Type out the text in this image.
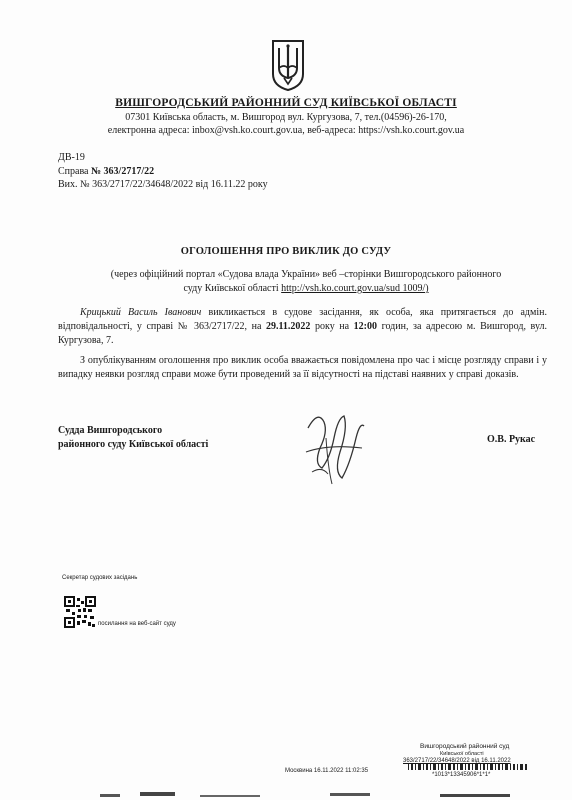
ВИШГОРОДСЬКИЙ РАЙОННИЙ СУД КИЇВСЬКОЇ ОБЛАСТІ
07301 Київська область, м. Вишгород вул. Кургузова, 7, тел.(04596)-26-170,
електронна адреса: inbox@vsh.ko.court.gov.ua, веб-адреса: https://vsh.ko.court.gov.ua
ДВ-19
Справа № 363/2717/22
Вих. № 363/2717/22/34648/2022 від 16.11.22 року
ОГОЛОШЕННЯ ПРО ВИКЛИК ДО СУДУ
(через офіційний портал «Судова влада України» веб –сторінки Вишгородського районного
суду Київської області http://vsh.ko.court.gov.ua/sud 1009/)
Крицький Василь Іванович викликається в судове засідання, як особа, яка притягається до адмін. відповідальності, у справі № 363/2717/22, на 29.11.2022 року на 12:00 годин, за адресою м. Вишгород, вул. Кургузова, 7.
З опублікуванням оголошення про виклик особа вважається повідомлена про час і місце розгляду справи і у випадку неявки розгляд справи може бути проведений за її відсутності на підставі наявних у справі доказів.
Судда Вишгородського
районного суду Київської області	О.В. Рукас
Секретар судових засідань
посилання на веб-сайт суду
Вишгородський районний суд
Київської області
363/2717/22/34648/2022 від 16.11.2022
Москвина 16.11.2022 11:02:35
*1013*13345906*1*1*
